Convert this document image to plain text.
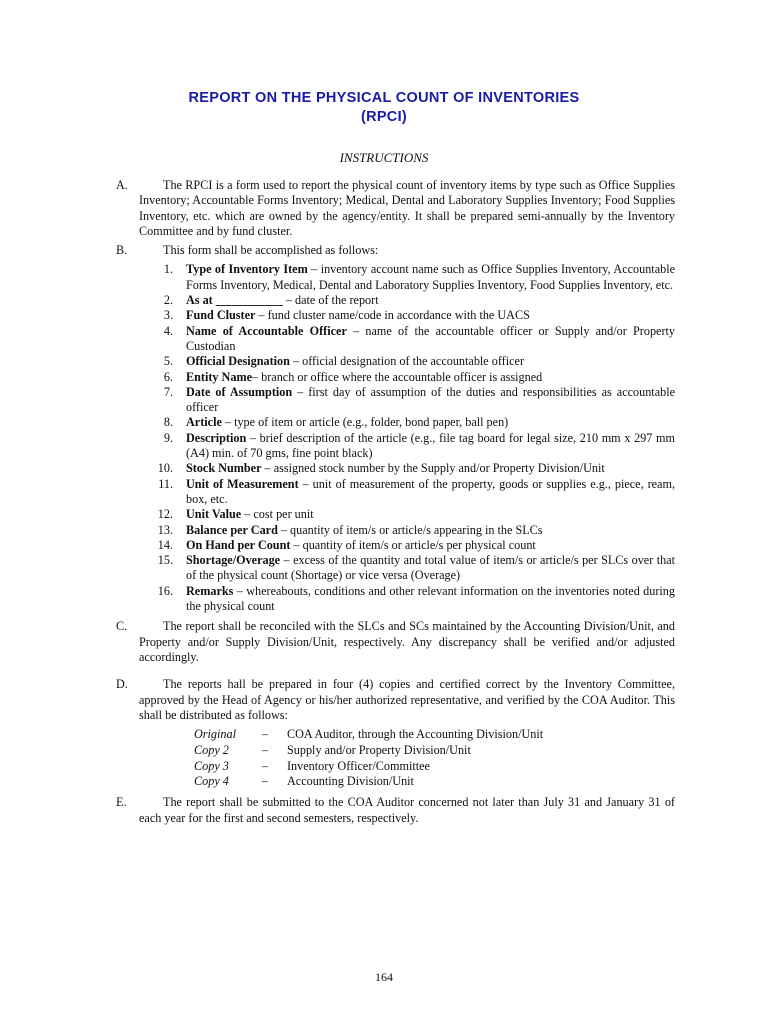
REPORT ON THE PHYSICAL COUNT OF INVENTORIES
(RPCI)
INSTRUCTIONS
A.	The RPCI is a form used to report the physical count of inventory items by type such as Office Supplies Inventory; Accountable Forms Inventory; Medical, Dental and Laboratory Supplies Inventory; Food Supplies Inventory, etc. which are owned by the agency/entity. It shall be prepared semi-annually by the Inventory Committee and by fund cluster.
B.	This form shall be accomplished as follows:
1. Type of Inventory Item – inventory account name such as Office Supplies Inventory, Accountable Forms Inventory, Medical, Dental and Laboratory Supplies Inventory, Food Supplies Inventory, etc.
2. As at ___________ – date of the report
3. Fund Cluster – fund cluster name/code in accordance with the UACS
4. Name of Accountable Officer – name of the accountable officer or Supply and/or Property Custodian
5. Official Designation – official designation of the accountable officer
6. Entity Name– branch or office where the accountable officer is assigned
7. Date of Assumption – first day of assumption of the duties and responsibilities as accountable officer
8. Article – type of item or article (e.g., folder, bond paper, ball pen)
9. Description – brief description of the article (e.g., file tag board for legal size, 210 mm x 297 mm (A4) min. of 70 gms, fine point black)
10. Stock Number – assigned stock number by the Supply and/or Property Division/Unit
11. Unit of Measurement – unit of measurement of the property, goods or supplies e.g., piece, ream, box, etc.
12. Unit Value – cost per unit
13. Balance per Card – quantity of item/s or article/s appearing in the SLCs
14. On Hand per Count – quantity of item/s or article/s per physical count
15. Shortage/Overage – excess of the quantity and total value of item/s or article/s per SLCs over that of the physical count (Shortage) or vice versa (Overage)
16. Remarks – whereabouts, conditions and other relevant information on the inventories noted during the physical count
C.	The report shall be reconciled with the SLCs and SCs maintained by the Accounting Division/Unit, and Property and/or Supply Division/Unit, respectively. Any discrepancy shall be verified and/or adjusted accordingly.
D.	The reports hall be prepared in four (4) copies and certified correct by the Inventory Committee, approved by the Head of Agency or his/her authorized representative, and verified by the COA Auditor. This shall be distributed as follows:
Original	–	COA Auditor, through the Accounting Division/Unit
Copy 2	–	Supply and/or Property Division/Unit
Copy 3	–	Inventory Officer/Committee
Copy 4	–	Accounting Division/Unit
E.	The report shall be submitted to the COA Auditor concerned not later than July 31 and January 31 of each year for the first and second semesters, respectively.
164
